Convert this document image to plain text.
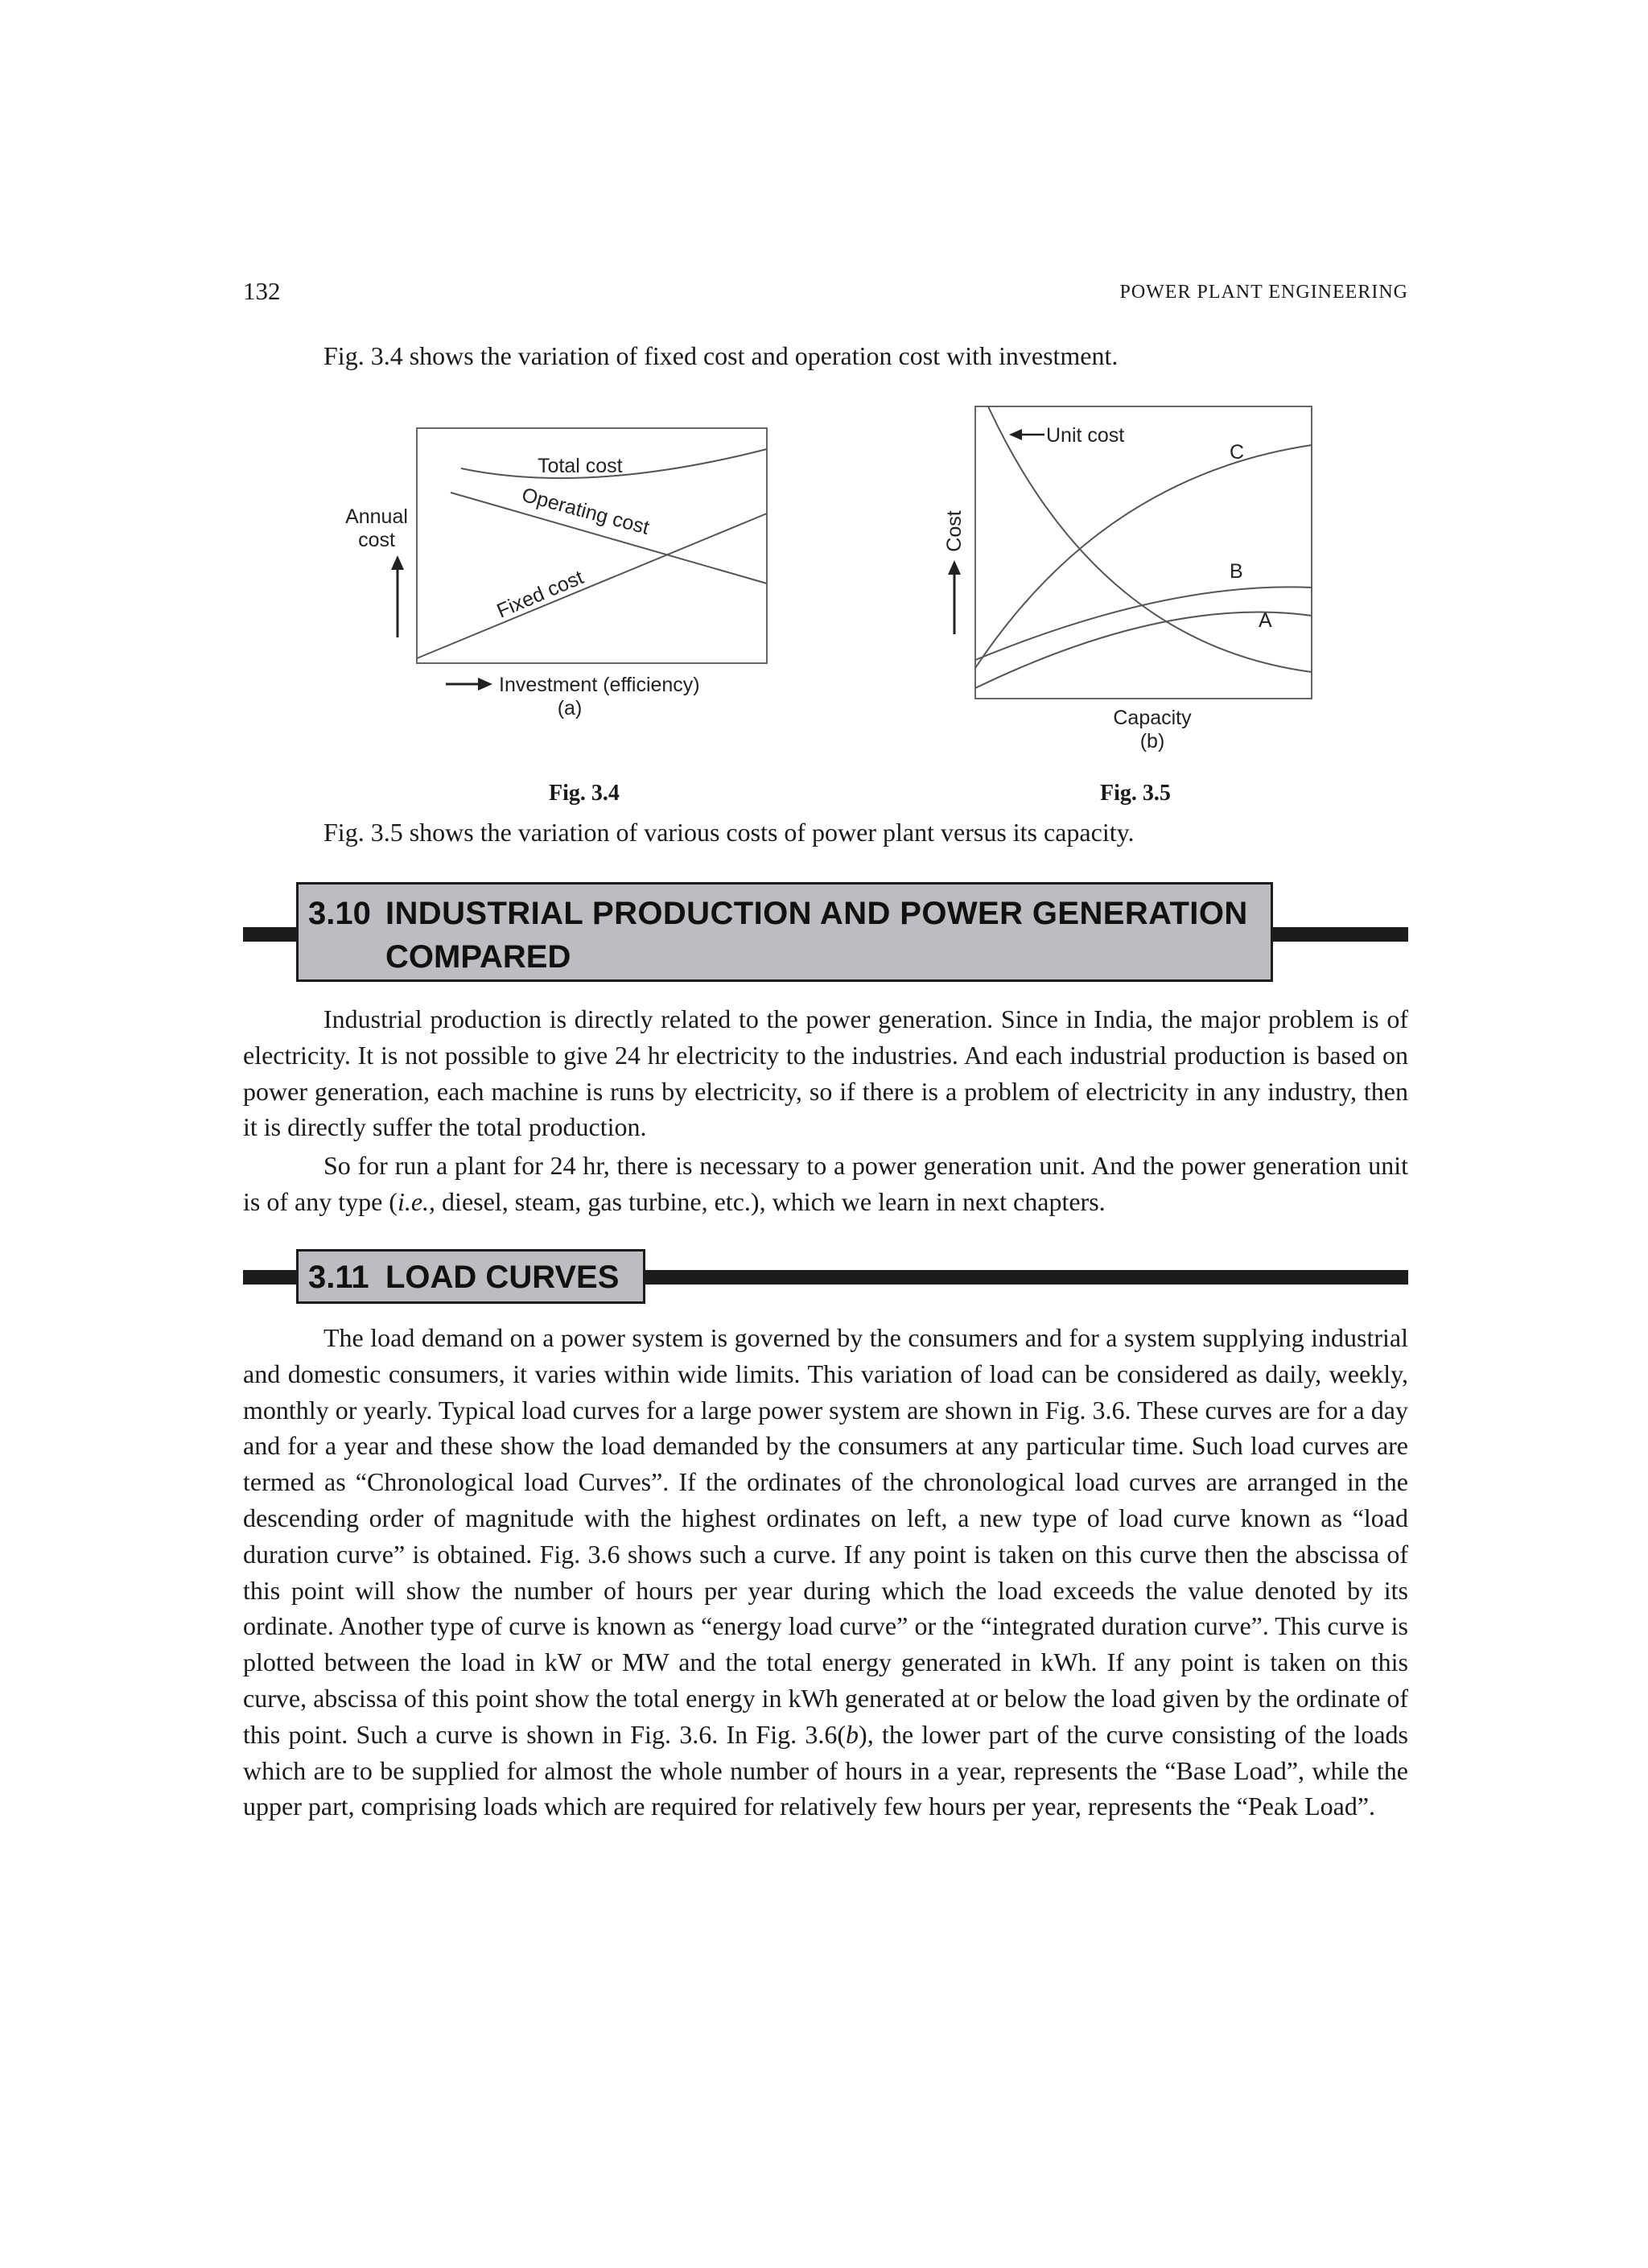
132	POWER PLANT ENGINEERING

Fig. 3.4 shows the variation of fixed cost and operation cost with investment.

Total cost
Operating cost
Fixed cost
Annual
cost
Investment (efficiency)
(a)
Fig. 3.4
Unit cost
C
B
A
Cost
Capacity
(b)
Fig. 3.5

Fig. 3.5 shows the variation of various costs of power plant versus its capacity.

3.10 INDUSTRIAL PRODUCTION AND POWER GENERATION
COMPARED

Industrial production is directly related to the power generation. Since in India, the major problem is of electricity. It is not possible to give 24 hr electricity to the industries. And each industrial production is based on power generation, each machine is runs by electricity, so if there is a problem of electricity in any industry, then it is directly suffer the total production.

So for run a plant for 24 hr, there is necessary to a power generation unit. And the power generation unit is of any type (i.e., diesel, steam, gas turbine, etc.), which we learn in next chapters.

3.11 LOAD CURVES

The load demand on a power system is governed by the consumers and for a system supplying industrial and domestic consumers, it varies within wide limits. This variation of load can be considered as daily, weekly, monthly or yearly. Typical load curves for a large power system are shown in Fig. 3.6. These curves are for a day and for a year and these show the load demanded by the consumers at any particular time. Such load curves are termed as “Chronological load Curves”. If the ordinates of the chronological load curves are arranged in the descending order of magnitude with the highest ordinates on left, a new type of load curve known as “load duration curve” is obtained. Fig. 3.6 shows such a curve. If any point is taken on this curve then the abscissa of this point will show the number of hours per year during which the load exceeds the value denoted by its ordinate. Another type of curve is known as “energy load curve” or the “integrated duration curve”. This curve is plotted between the load in kW or MW and the total energy generated in kWh. If any point is taken on this curve, abscissa of this point show the total energy in kWh generated at or below the load given by the ordinate of this point. Such a curve is shown in Fig. 3.6. In Fig. 3.6(b), the lower part of the curve consisting of the loads which are to be supplied for almost the whole number of hours in a year, represents the “Base Load”, while the upper part, comprising loads which are required for relatively few hours per year, represents the “Peak Load”.
